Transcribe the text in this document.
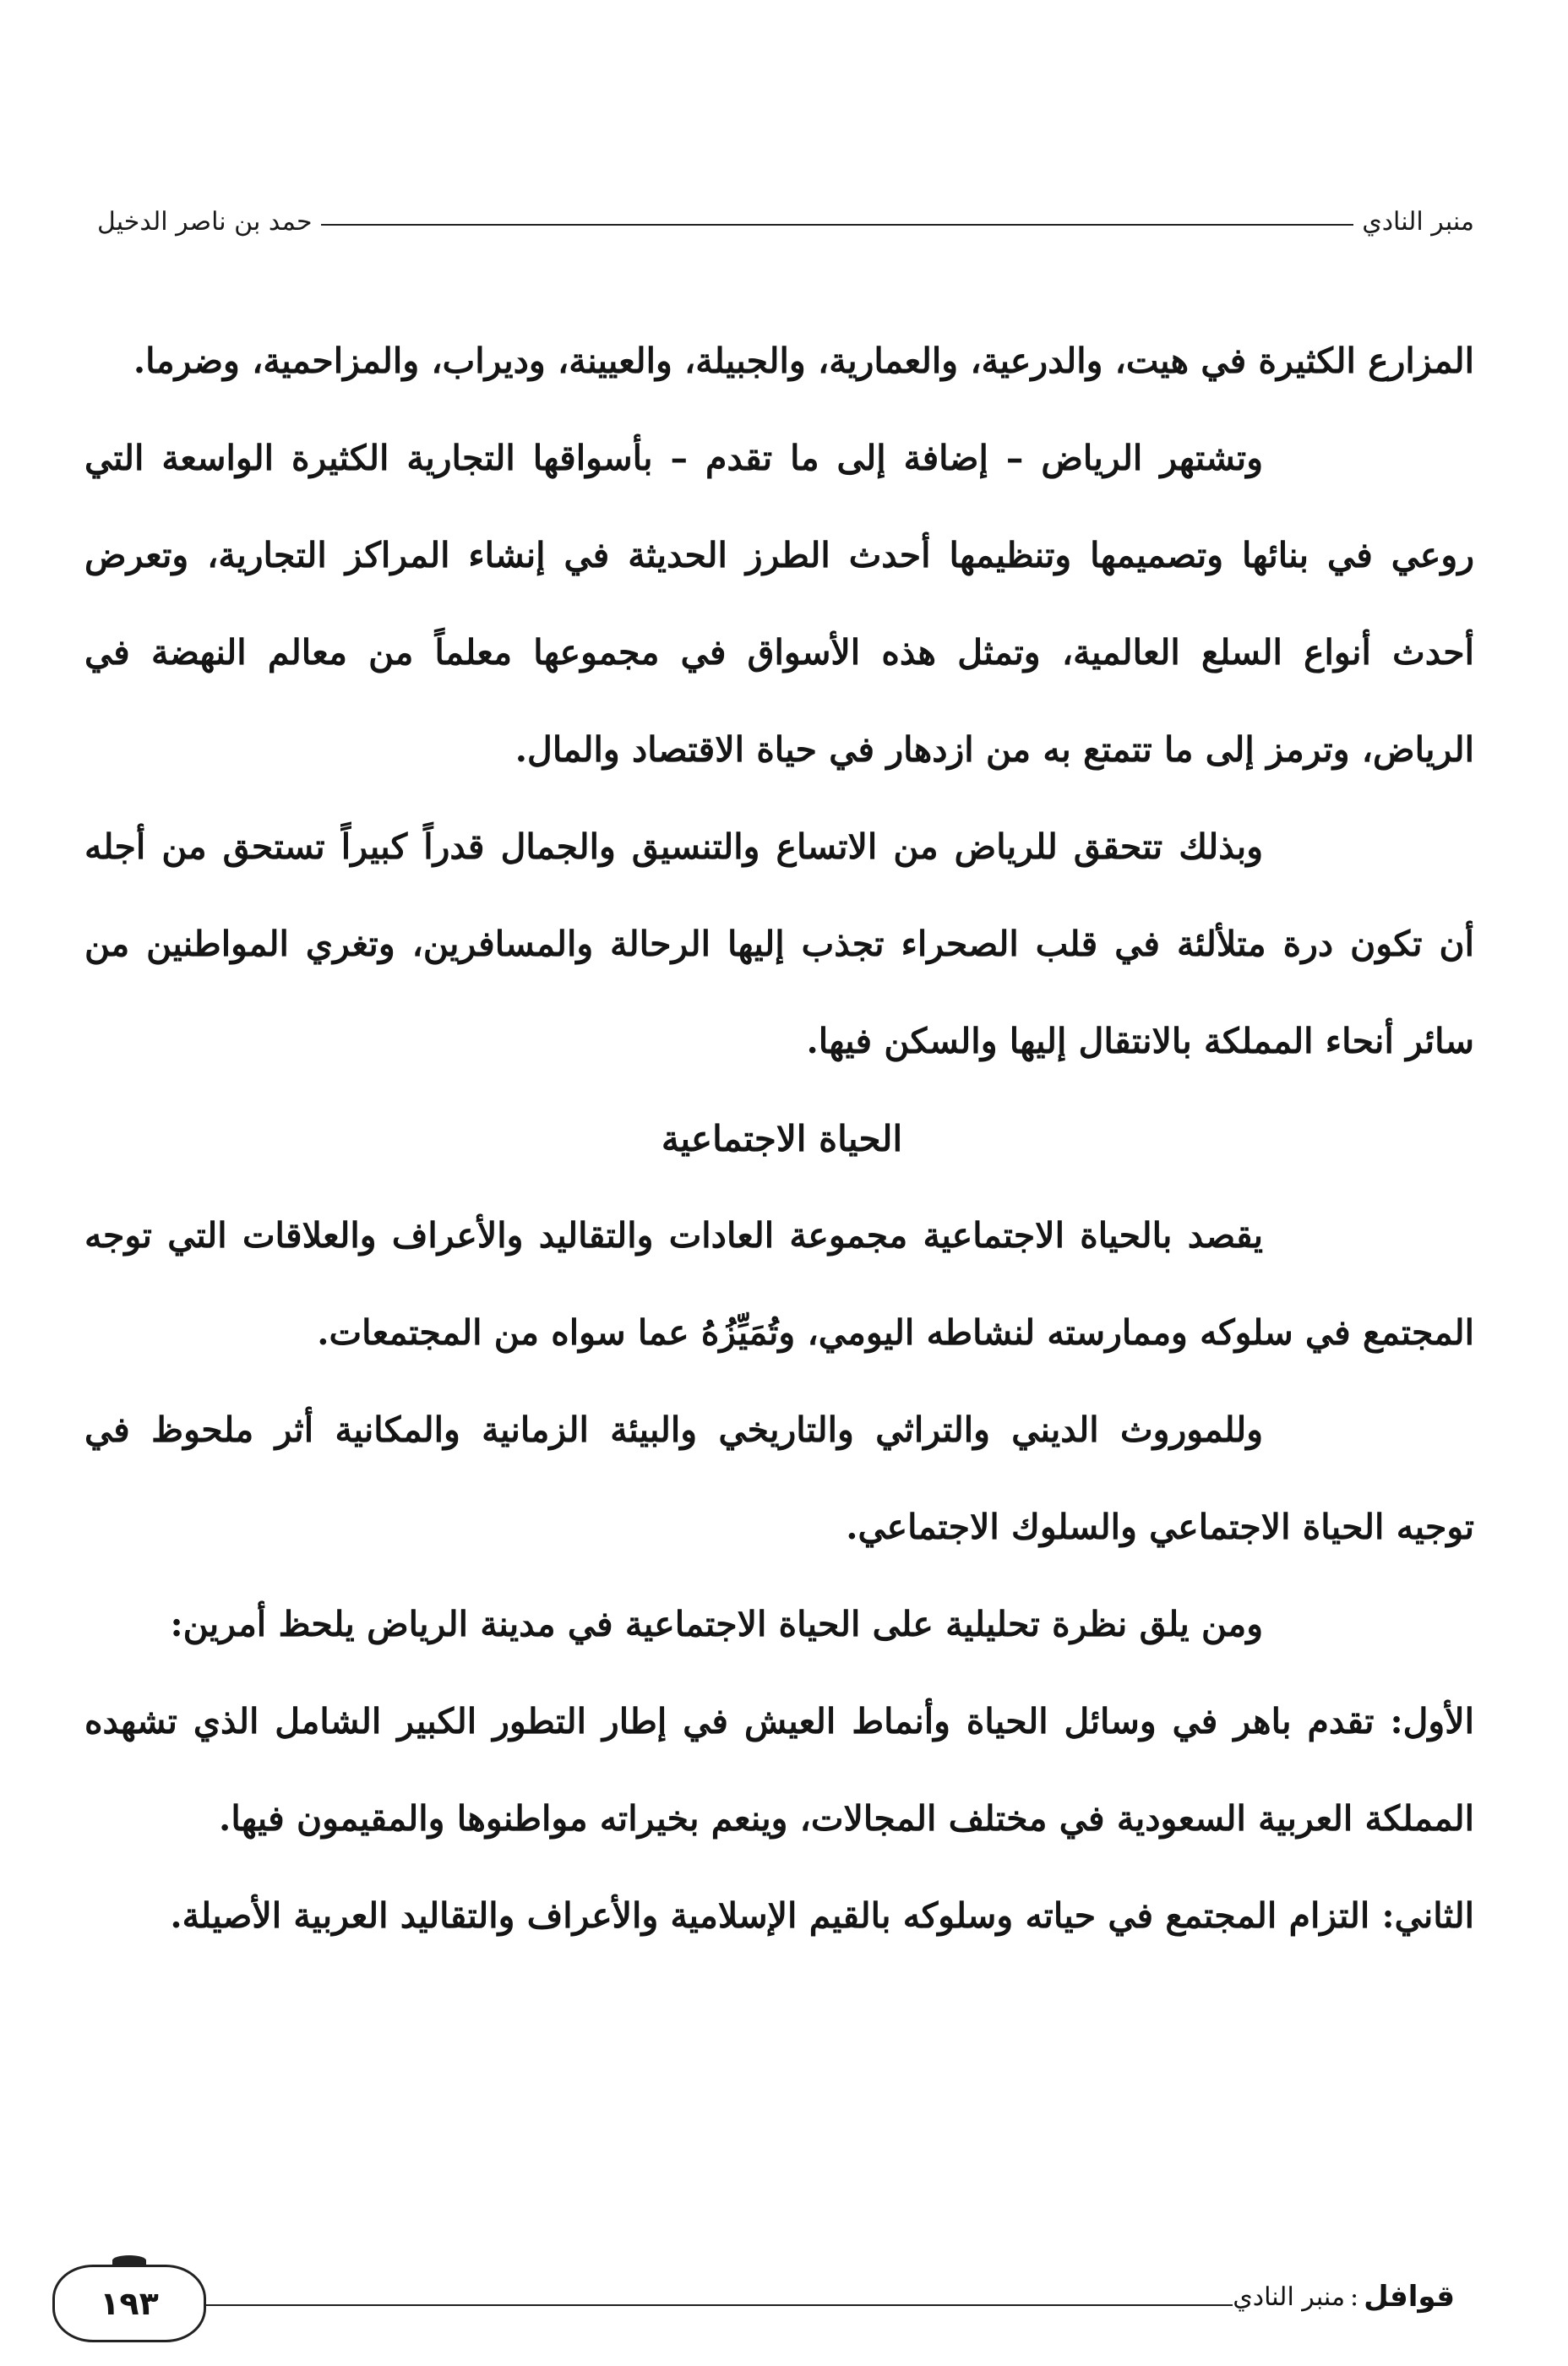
منبر النادي
حمد بن ناصر الدخيل

المزارع الكثيرة في هيت، والدرعية، والعمارية، والجبيلة، والعيينة، وديراب، والمزاحمية، وضرما.

وتشتهر الرياض – إضافة إلى ما تقدم – بأسواقها التجارية الكثيرة الواسعة التي روعي في بنائها وتصميمها وتنظيمها أحدث الطرز الحديثة في إنشاء المراكز التجارية، وتعرض أحدث أنواع السلع العالمية، وتمثل هذه الأسواق في مجموعها معلماً من معالم النهضة في الرياض، وترمز إلى ما تتمتع به من ازدهار في حياة الاقتصاد والمال.

وبذلك تتحقق للرياض من الاتساع والتنسيق والجمال قدراً كبيراً تستحق من أجله أن تكون درة متلألئة في قلب الصحراء تجذب إليها الرحالة والمسافرين، وتغري المواطنين من سائر أنحاء المملكة بالانتقال إليها والسكن فيها.

الحياة الاجتماعية

يقصد بالحياة الاجتماعية مجموعة العادات والتقاليد والأعراف والعلاقات التي توجه المجتمع في سلوكه وممارسته لنشاطه اليومي، وتُمَيِّزُهُ عما سواه من المجتمعات.

وللموروث الديني والتراثي والتاريخي والبيئة الزمانية والمكانية أثر ملحوظ في توجيه الحياة الاجتماعي والسلوك الاجتماعي.

ومن يلق نظرة تحليلية على الحياة الاجتماعية في مدينة الرياض يلحظ أمرين:

الأول: تقدم باهر في وسائل الحياة وأنماط العيش في إطار التطور الكبير الشامل الذي تشهده المملكة العربية السعودية في مختلف المجالات، وينعم بخيراته مواطنوها والمقيمون فيها.

الثاني: التزام المجتمع في حياته وسلوكه بالقيم الإسلامية والأعراف والتقاليد العربية الأصيلة.

قوافل
:
منبر النادي
١٩٣
